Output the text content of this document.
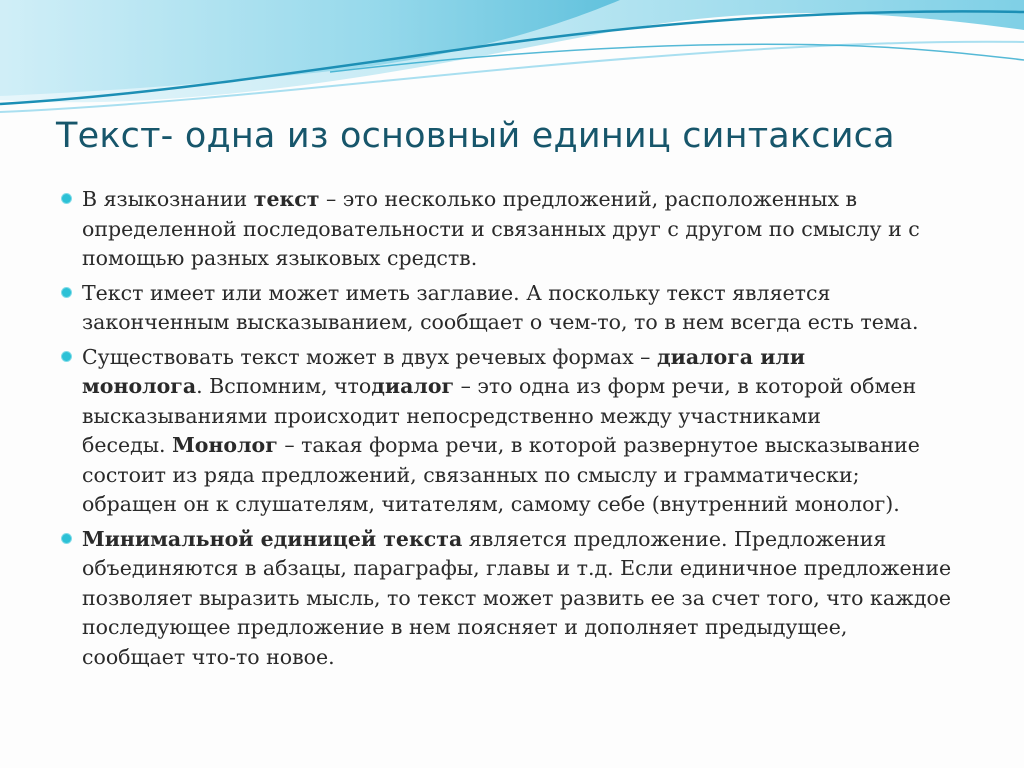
Текст- одна из основный единиц синтаксиса
В языкознании текст – это несколько предложений, расположенных в
определенной последовательности и связанных друг с другом по смыслу и с
помощью разных языковых средств.
Текст имеет или может иметь заглавие. А поскольку текст является
законченным высказыванием, сообщает о чем-то, то в нем всегда есть тема.
Существовать текст может в двух речевых формах – диалога или
монолога. Вспомним, чтодиалог – это одна из форм речи, в которой обмен
высказываниями происходит непосредственно между участниками
беседы. Монолог – такая форма речи, в которой развернутое высказывание
состоит из ряда предложений, связанных по смыслу и грамматически;
обращен он к слушателям, читателям, самому себе (внутренний монолог).
Минимальной единицей текста является предложение. Предложения
объединяются в абзацы, параграфы, главы и т.д. Если единичное предложение
позволяет выразить мысль, то текст может развить ее за счет того, что каждое
последующее предложение в нем поясняет и дополняет предыдущее,
сообщает что-то новое.
